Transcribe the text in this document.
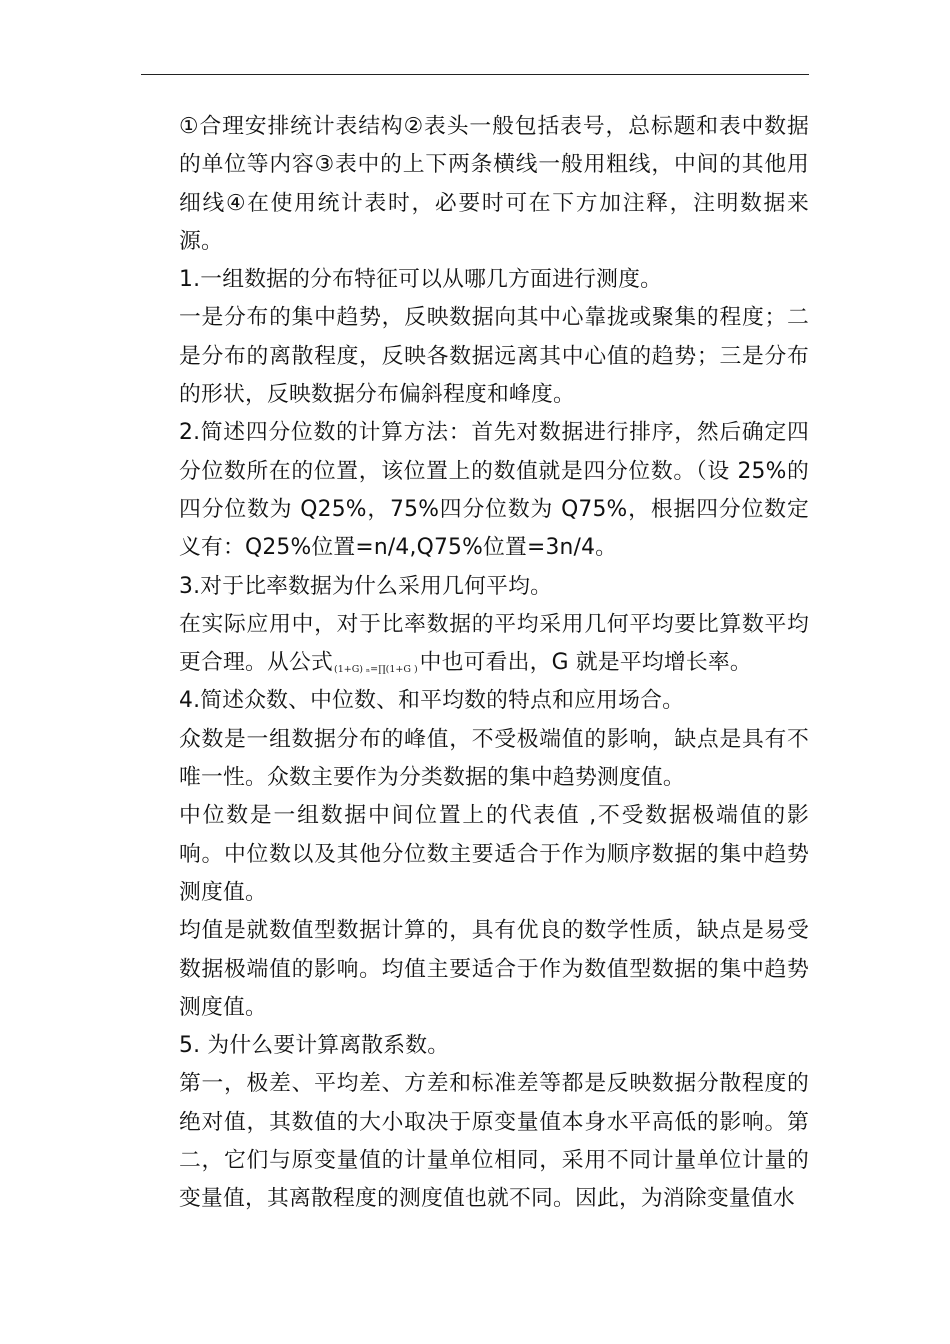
①合理安排统计表结构②表头一般包括表号，总标题和表中数据的单位等内容③表中的上下两条横线一般用粗线，中间的其他用细线④在使用统计表时，必要时可在下方加注释，注明数据来源。

1.一组数据的分布特征可以从哪几方面进行测度。

一是分布的集中趋势，反映数据向其中心靠拢或聚集的程度；二是分布的离散程度，反映各数据远离其中心值的趋势；三是分布的形状，反映数据分布偏斜程度和峰度。

2.简述四分位数的计算方法：首先对数据进行排序，然后确定四分位数所在的位置，该位置上的数值就是四分位数。（设 25%的四分位数为 Q25%，75%四分位数为 Q75%，根据四分位数定义有：Q25%位置=n/4,Q75%位置=3n/4。

3.对于比率数据为什么采用几何平均。

在实际应用中，对于比率数据的平均采用几何平均要比算数平均更合理。从公式(1+G) ₙ=∏(1+G )中也可看出，G 就是平均增长率。

4.简述众数、中位数、和平均数的特点和应用场合。

众数是一组数据分布的峰值，不受极端值的影响，缺点是具有不唯一性。众数主要作为分类数据的集中趋势测度值。

中位数是一组数据中间位置上的代表值 ,不受数据极端值的影响。中位数以及其他分位数主要适合于作为顺序数据的集中趋势测度值。

均值是就数值型数据计算的，具有优良的数学性质，缺点是易受数据极端值的影响。均值主要适合于作为数值型数据的集中趋势测度值。

5. 为什么要计算离散系数。

第一，极差、平均差、方差和标准差等都是反映数据分散程度的绝对值，其数值的大小取决于原变量值本身水平高低的影响。第二，它们与原变量值的计量单位相同，采用不同计量单位计量的变量值，其离散程度的测度值也就不同。因此，为消除变量值水
